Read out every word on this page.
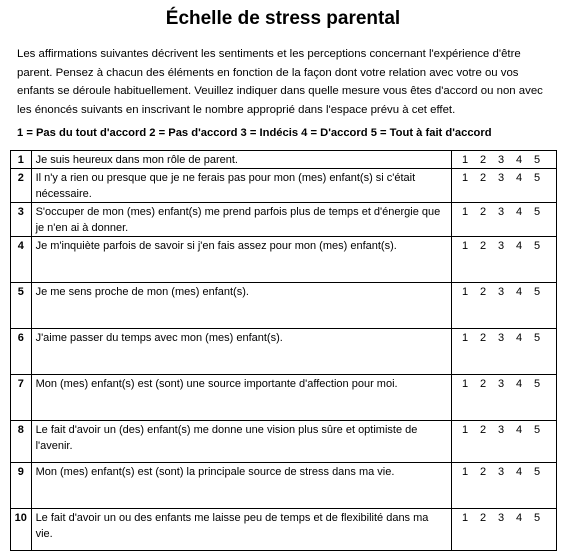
Échelle de stress parental

Les affirmations suivantes décrivent les sentiments et les perceptions concernant l'expérience d'être parent. Pensez à chacun des éléments en fonction de la façon dont votre relation avec votre ou vos enfants se déroule habituellement. Veuillez indiquer dans quelle mesure vous êtes d'accord ou non avec les énoncés suivants en inscrivant le nombre approprié dans l'espace prévu à cet effet.

1 = Pas du tout d'accord 2 = Pas d'accord 3 = Indécis 4 = D'accord 5 = Tout à fait d'accord
1	Je suis heureux dans mon rôle de parent.	1 2 3 4 5
2	Il n'y a rien ou presque que je ne ferais pas pour mon (mes) enfant(s) si c'était nécessaire.	1 2 3 4 5
3	S'occuper de mon (mes) enfant(s) me prend parfois plus de temps et d'énergie que je n'en ai à donner.	1 2 3 4 5
4	Je m'inquiète parfois de savoir si j'en fais assez pour mon (mes) enfant(s).	1 2 3 4 5
5	Je me sens proche de mon (mes) enfant(s).	1 2 3 4 5
6	J'aime passer du temps avec mon (mes) enfant(s).	1 2 3 4 5
7	Mon (mes) enfant(s) est (sont) une source importante d'affection pour moi.	1 2 3 4 5
8	Le fait d'avoir un (des) enfant(s) me donne une vision plus sûre et optimiste de l'avenir.	1 2 3 4 5
9	Mon (mes) enfant(s) est (sont) la principale source de stress dans ma vie.	1 2 3 4 5
10	Le fait d'avoir un ou des enfants me laisse peu de temps et de flexibilité dans ma vie.	1 2 3 4 5
